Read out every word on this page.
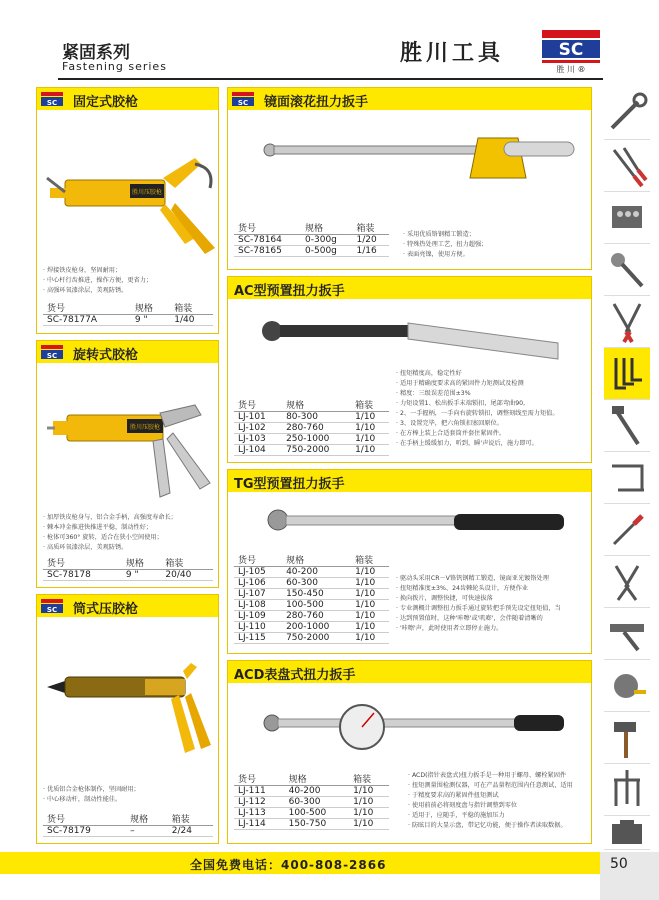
紧固系列
Fastening series
胜川工具	SC
胜 川 ®
SC 固定式胶枪
胜川压胶枪
· 焊接铁皮枪身，坚固耐用；
· 中心杆行齿推进，操作方便，更省力；
· 高强环氧漆涂层，美观防锈。
货号	规格	箱装
SC-78177A	9 "	1/40
SC 旋转式胶枪
胜川压胶枪
· 加厚铁皮枪身与，铝合金手柄，高强度寿命长；
· 棘本冲金推进快推进平稳，制动性好；
· 枪体可360° 旋转，适合在狭小空间使用；
· 高质环氧漆涂层，美观防锈。
货号	规格	箱装
SC-78178	9 "	20/40
SC 筒式压胶枪
· 优质铝合金枪体制作，坚固耐用；
· 中心移动杆，制动性能佳。
货号	规格	箱装
SC-78179	–	2/24
SC 镜面滚花扭力扳手
货号	规格	箱装
SC-78164	0-300g	1/20
SC-78165	0-500g	1/16
· 采用优质铬钢精工锻造；
· 特殊热处理工艺，扭力超强；
· 表面亮镍，使用方便。
AC型预置扭力扳手
货号	规格	箱装
LJ-101	80-300	1/10
LJ-102	280-760	1/10
LJ-103	250-1000	1/10
LJ-104	750-2000	1/10
· 扭矩精度高，稳定性好
· 适用于精确度要求高的紧固件力矩测试及检测
· 精度：三级误差范围±3%
· 力矩设置1、松出扳手末端锁扣，尾部弯曲90,
· 2、一手握柄，一手向右旋转锁扣，调整刻线至需力矩值。
· 3、设置完毕，把六角锁扣塞回原位。
· 在方棒上装上合适套筒并套住紧固件。
· 在手柄上缓缓加力，听到，瞬'声说后，施力即可。
TG型预置扭力扳手
货号	规格	箱装
LJ-105	40-200	1/10
LJ-106	60-300	1/10
LJ-107	150-450	1/10
LJ-108	100-500	1/10
LJ-109	280-760	1/10
LJ-110	200-1000	1/10
LJ-115	750-2000	1/10
· 驱动头采用CR－V铬钒钢精工锻造，镜面亚光镀铬处理
· 扭矩精准度±3%、24齿棘轮头设计，方便作业
· 换向拨片，调整快捷，可快速拔落
· 专业测概计调整扭力扳手通过旋转把手预先设定扭矩值，当
· 达到预置值时，这种'咔嚓'或'叽嘭'，会伴随着清晰的
· '咔嚓'声，此时使用者立即停止施力。
ACD表盘式扭力扳手
货号	规格	箱装
LJ-111	40-200	1/10
LJ-112	60-300	1/10
LJ-113	100-500	1/10
LJ-114	150-750	1/10
· ACD(指针表盘式)扭力扳手是一种用于螺母、螺栓紧固件
· 扭矩测量围检测仪器，可在产品量程范围内任意测试，适用
· 于精度要求高的紧固件扭矩测试
· 使用前前必将刻度盘与指针调整到零位
· 适用于，应随手，平稳的施加压力
· 防眩目的大显示盘，带记忆功能，便于操作者读取数据。
全国免费电话：400-808-2866	50
